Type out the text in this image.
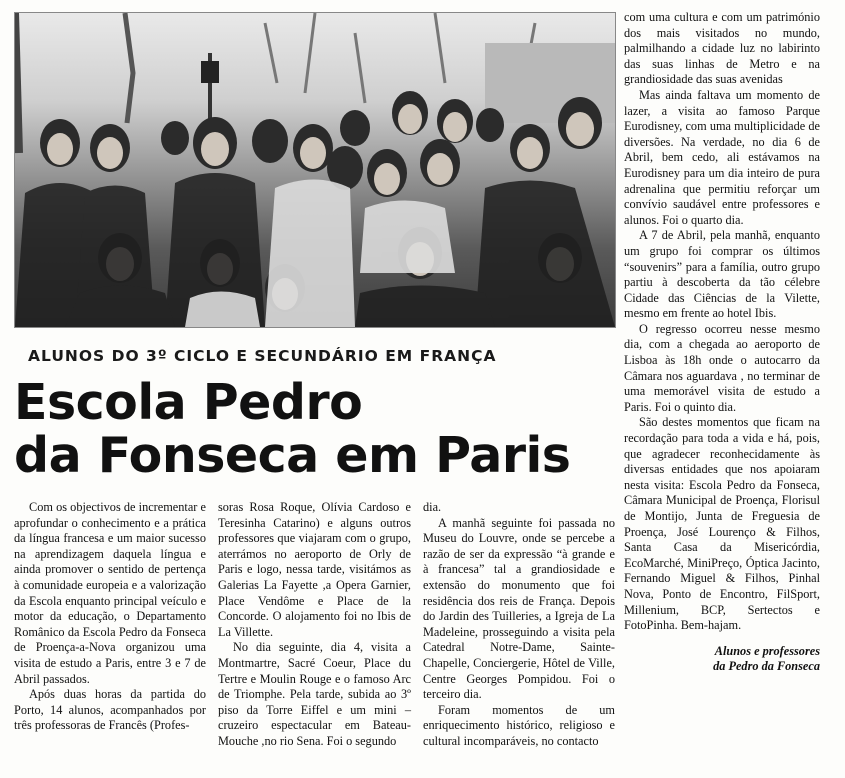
ALUNOS DO 3º CICLO E SECUNDÁRIO EM FRANÇA
Escola Pedro
da Fonseca em Paris

Com os objectivos de incrementar e aprofundar o conhecimento e a prática da língua francesa e um maior sucesso na aprendizagem daquela língua e ainda promover o sentido de pertença à comunidade europeia e a valorização da Escola enquanto principal veículo e motor da educação, o Departamento Românico da Escola Pedro da Fonseca de Proença-a-Nova organizou uma visita de estudo a Paris, entre 3 e 7 de Abril passados.

Após duas horas da partida do Porto, 14 alunos, acompanhados por três professoras de Francês (Profes-

soras Rosa Roque, Olívia Cardoso e Teresinha Catarino) e alguns outros professores que viajaram com o grupo, aterrámos no aeroporto de Orly de Paris e logo, nessa tarde, visitámos as Galerias La Fayette ,a Opera Garnier, Place Vendôme e Place de la Concorde. O alojamento foi no Ibis de La Villette.

No dia seguinte, dia 4, visita a Montmartre, Sacré Coeur, Place du Tertre e Moulin Rouge e o famoso Arc de Triomphe. Pela tarde, subida ao 3º piso da Torre Eiffel e um mini – cruzeiro espectacular em Bateau-Mouche ,no rio Sena. Foi o segundo

dia.

A manhã seguinte foi passada no Museu do Louvre, onde se percebe a razão de ser da expressão “à grande e à francesa” tal a grandiosidade e extensão do monumento que foi residência dos reis de França. Depois do Jardin des Tuilleries, a Igreja de La Madeleine, prosseguindo a visita pela Catedral Notre-Dame, Sainte-Chapelle, Conciergerie, Hôtel de Ville, Centre Georges Pompidou. Foi o terceiro dia.

Foram momentos de um enriquecimento histórico, religioso e cultural incomparáveis, no contacto

com uma cultura e com um património dos mais visitados no mundo, palmilhando a cidade luz no labirinto das suas linhas de Metro e na grandiosidade das suas avenidas

Mas ainda faltava um momento de lazer, a visita ao famoso Parque Eurodisney, com uma multiplicidade de diversões. Na verdade, no dia 6 de Abril, bem cedo, ali estávamos na Eurodisney para um dia inteiro de pura adrenalina que permitiu reforçar um convívio saudável entre professores e alunos. Foi o quarto dia.

A 7 de Abril, pela manhã, enquanto um grupo foi comprar os últimos “souvenirs” para a família, outro grupo partiu à descoberta da tão célebre Cidade das Ciências de la Vilette, mesmo em frente ao hotel Ibis.

O regresso ocorreu nesse mesmo dia, com a chegada ao aeroporto de Lisboa às 18h onde o autocarro da Câmara nos aguardava , no terminar de uma memorável visita de estudo a Paris. Foi o quinto dia.

São destes momentos que ficam na recordação para toda a vida e há, pois, que agradecer reconhecidamente às diversas entidades que nos apoiaram nesta visita: Escola Pedro da Fonseca, Câmara Municipal de Proença, Florisul de Montijo, Junta de Freguesia de Proença, José Lourenço & Filhos, Santa Casa da Misericórdia, EcoMarché, MiniPreço, Óptica Jacinto, Fernando Miguel & Filhos, Pinhal Nova, Ponto de Encontro, FilSport, Millenium, BCP, Sertectos e FotoPinha. Bem-hajam.

Alunos e professores
da Pedro da Fonseca
